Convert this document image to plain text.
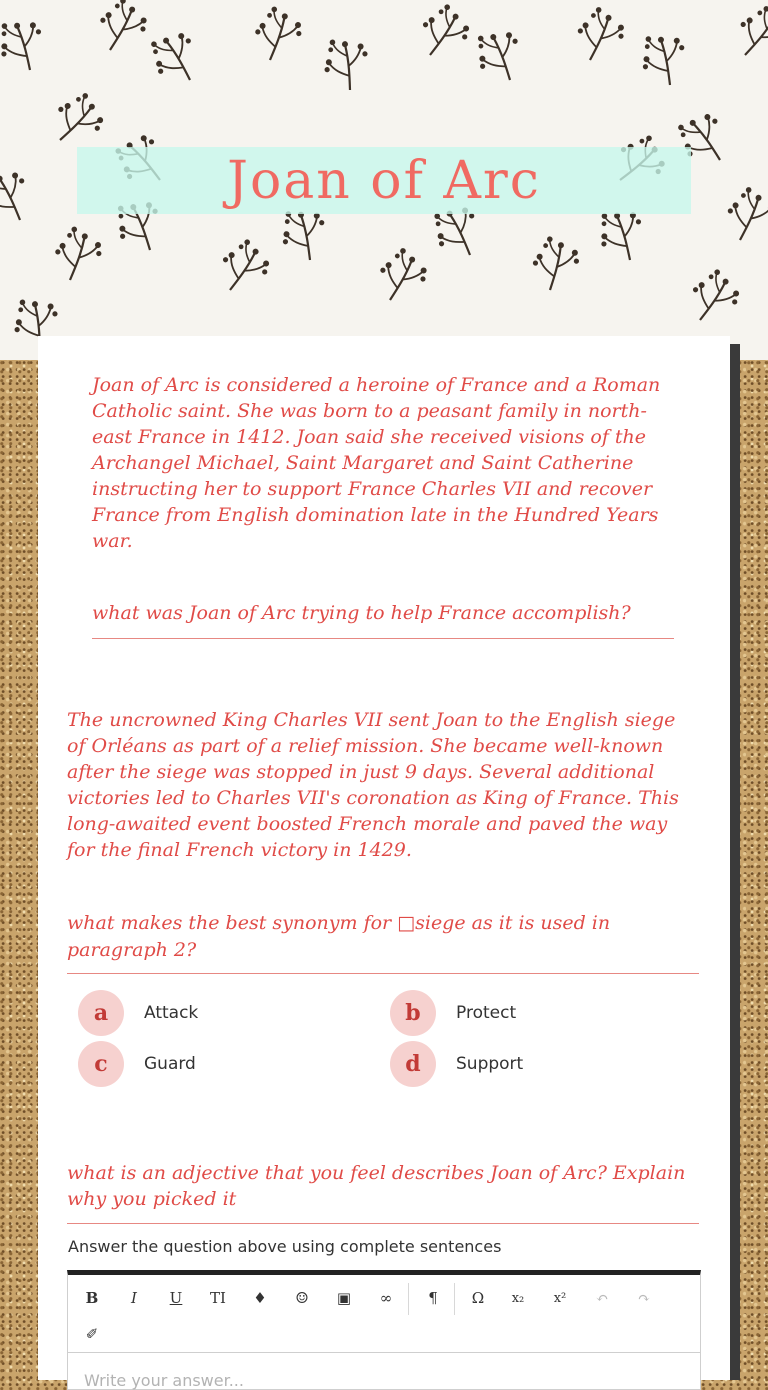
Joan of Arc
Joan of Arc is considered a heroine of France and a Roman Catholic saint. She was born to a peasant family in north-east France in 1412. Joan said she received visions of the Archangel Michael, Saint Margaret and Saint Catherine instructing her to support France Charles VII and recover France from English domination late in the Hundred Years war.
what was Joan of Arc trying to help France accomplish?
The uncrowned King Charles VII sent Joan to the English siege of Orléans as part of a relief mission. She became well-known after the siege was stopped in just 9 days. Several additional victories led to Charles VII's coronation as King of France. This long-awaited event boosted French morale and paved the way for the final French victory in 1429.
what makes the best synonym for □siege as it is used in paragraph 2?
a	Attack	b	Protect
c	Guard	d	Support
what is an adjective that you feel describes Joan of Arc? Explain why you picked it
Answer the question above using complete sentences
B	I	U	TI	♦	☺	▣	∞	¶	Ω	x₂	x²	↶	↷
✐
Write your answer...
